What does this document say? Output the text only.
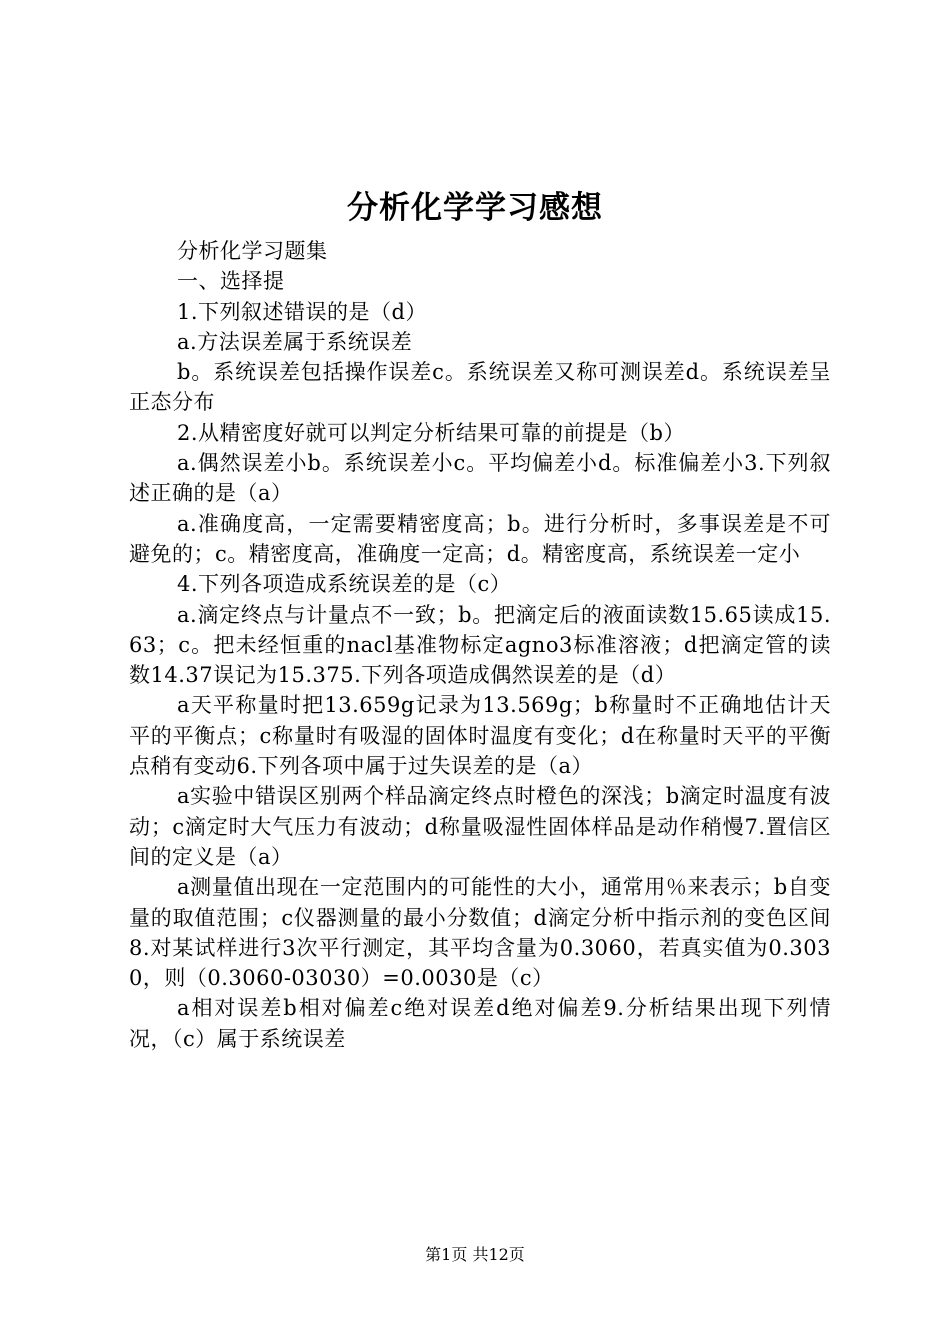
分析化学学习感想

分析化学习题集

一、选择提

1.下列叙述错误的是（d）

a.方法误差属于系统误差

b。系统误差包括操作误差c。系统误差又称可测误差d。系统误差呈正态分布

2.从精密度好就可以判定分析结果可靠的前提是（b）

a.偶然误差小b。系统误差小c。平均偏差小d。标准偏差小3.下列叙述正确的是（a）

a.准确度高，一定需要精密度高；b。进行分析时，多事误差是不可避免的；c。精密度高，准确度一定高；d。精密度高，系统误差一定小

4.下列各项造成系统误差的是（c）

a.滴定终点与计量点不一致；b。把滴定后的液面读数15.65读成15.63；c。把未经恒重的nacl基准物标定agno3标准溶液；d把滴定管的读数14.37误记为15.375.下列各项造成偶然误差的是（d）

a天平称量时把13.659g记录为13.569g；b称量时不正确地估计天平的平衡点；c称量时有吸湿的固体时温度有变化；d在称量时天平的平衡点稍有变动6.下列各项中属于过失误差的是（a）

a实验中错误区别两个样品滴定终点时橙色的深浅；b滴定时温度有波动；c滴定时大气压力有波动；d称量吸湿性固体样品是动作稍慢7.置信区间的定义是（a）

a测量值出现在一定范围内的可能性的大小，通常用％来表示；b自变量的取值范围；c仪器测量的最小分数值；d滴定分析中指示剂的变色区间8.对某试样进行3次平行测定，其平均含量为0.3060，若真实值为0.3030，则（0.3060-03030）=0.0030是（c）

a相对误差b相对偏差c绝对误差d绝对偏差9.分析结果出现下列情况，（c）属于系统误差

第1页 共12页
